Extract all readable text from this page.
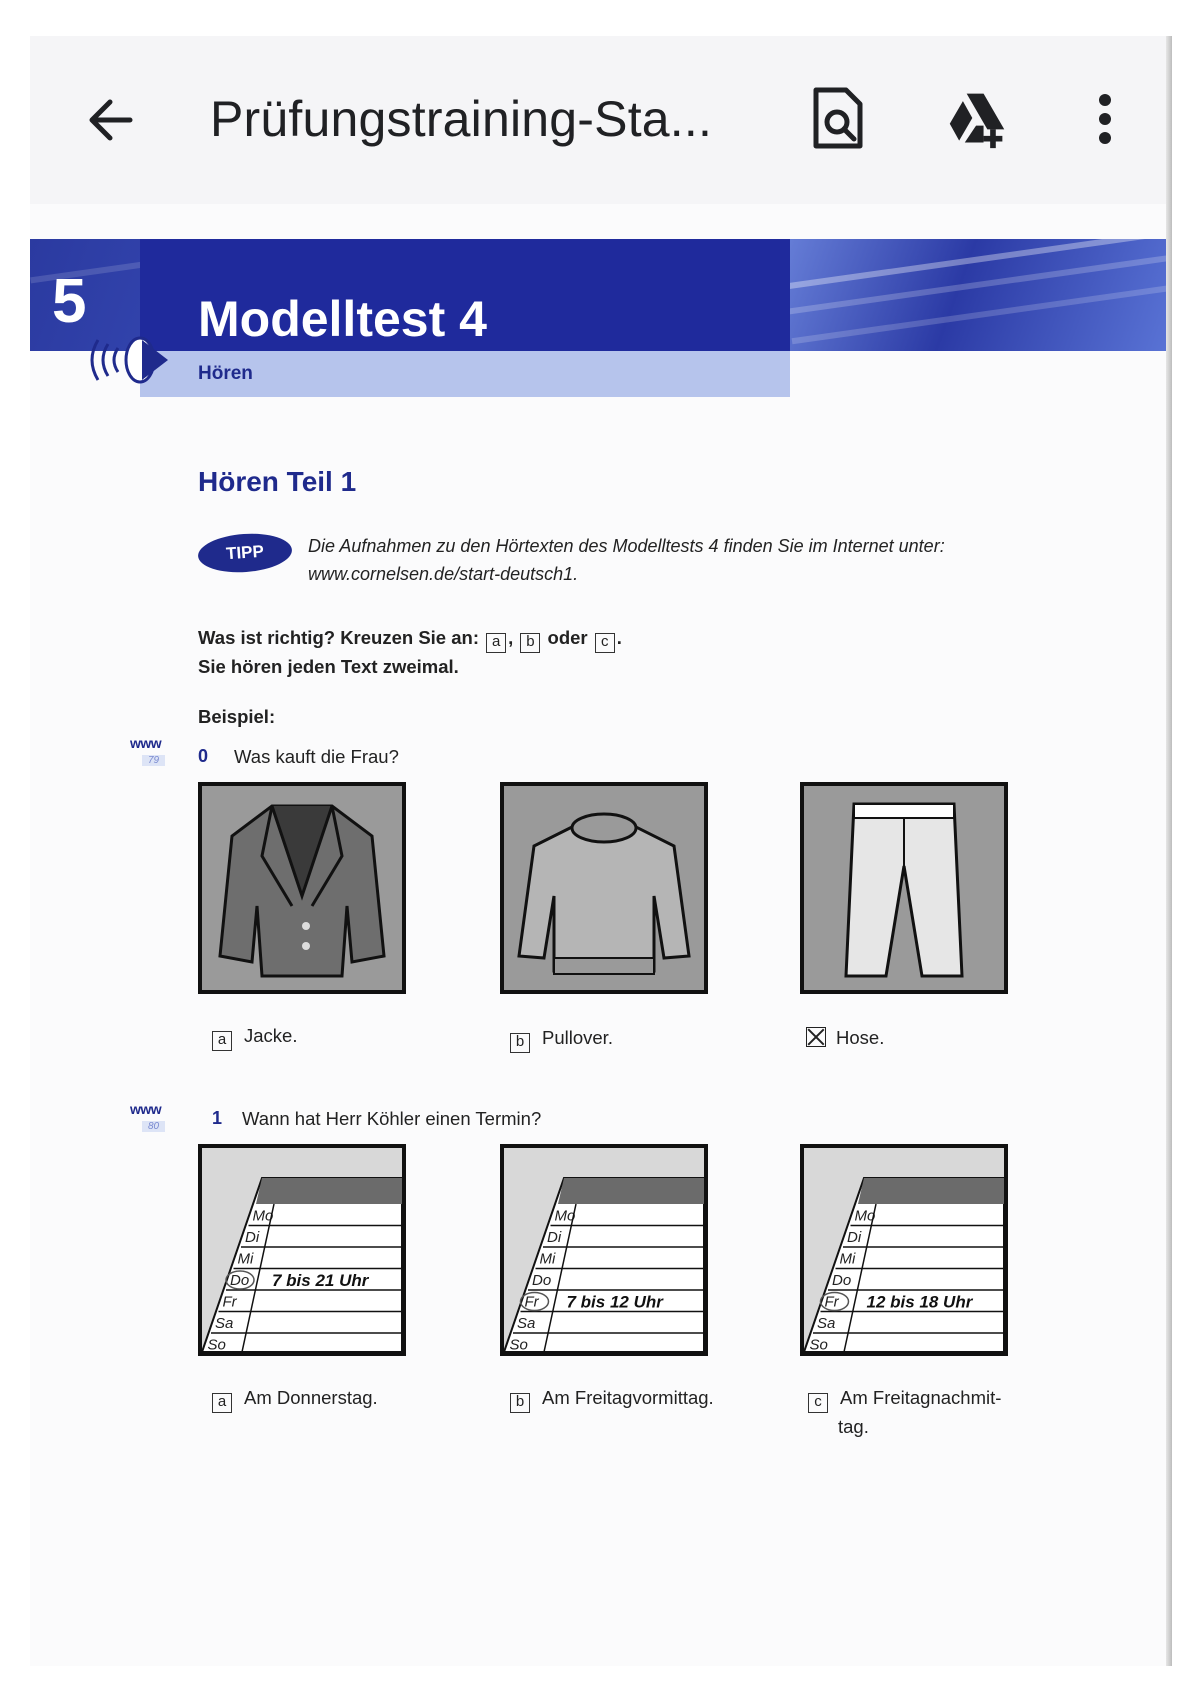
Prüfungstraining-Sta...
5 Modelltest 4
Hören
Hören Teil 1
TIPP	Die Aufnahmen zu den Hörtexten des Modelltests 4 finden Sie im Internet unter:
www.cornelsen.de/start-deutsch1.
Was ist richtig? Kreuzen Sie an: a , b oder c .
Sie hören jeden Text zweimal.
Beispiel:
www
79	0 Was kauft die Frau?
a Jacke.	b Pullover.	Hose.
www
80	1 Wann hat Herr Köhler einen Termin?
Mo
Di
Mi
Do 7 bis 21 Uhr
Fr
Sa
So
Mo
Di
Mi
Do
Fr 7 bis 12 Uhr
Sa
So
Mo
Di
Mi
Do
Fr 12 bis 18 Uhr
Sa
So
a Am Donnerstag.	b Am Freitagvormittag.	c Am Freitagnachmit-
tag.
